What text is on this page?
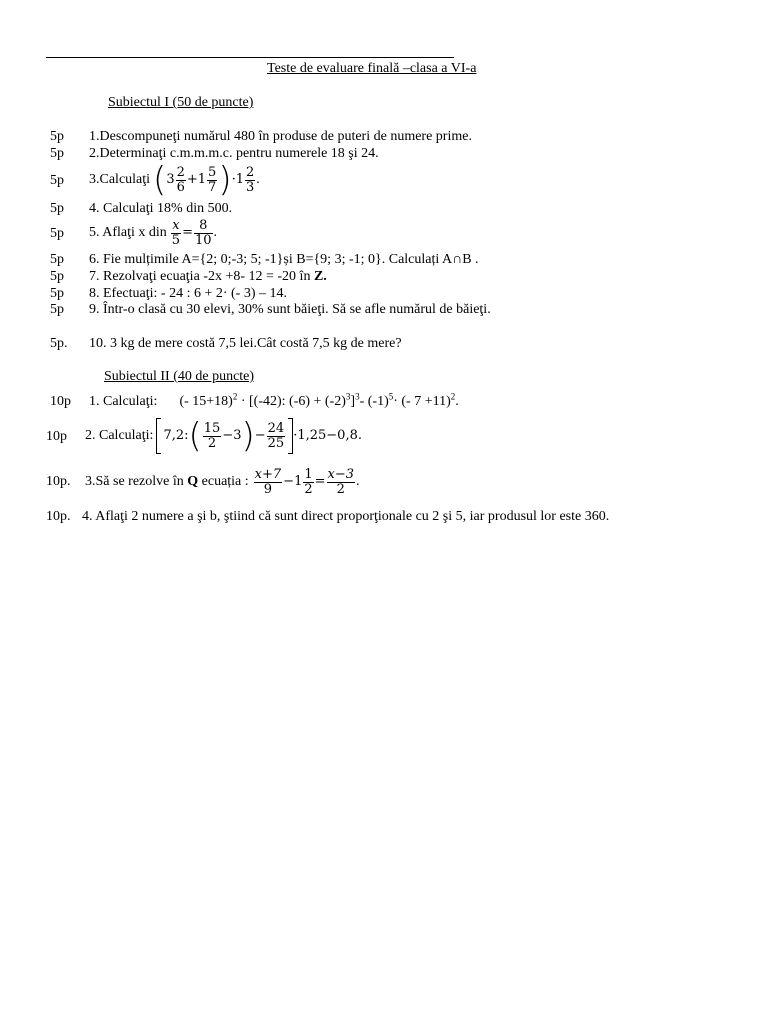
Teste de evaluare finală –clasa a VI-a
Subiectul I (50 de puncte)
5p 1.Descompuneţi numărul 480 în produse de puteri de numere prime.
5p 2.Determinaţi c.m.m.m.c. pentru numerele 18 şi 24.
5p 3.Calculaţi ( $3 \frac{2}{6} +1 \frac{5}{7}$ ) $\cdot 1 \frac{2}{3}$ .
5p 4. Calculaţi 18% din 500.
5p 5. Aflaţi x din $\frac{x}{5} = \frac{8}{10}$ .
5p 6. Fie mulțimile A={2; 0;-3; 5; -1}și B={9; 3; -1; 0}. Calculați A∩B .
5p 7. Rezolvaţi ecuaţia -2x +8- 12 = -20 în Z.
5p 8. Efectuaţi: - 24 : 6 + 2· (- 3) – 14.
5p 9. Într-o clasă cu 30 elevi, 30% sunt băieţi. Să se afle numărul de băieţi.
5p. 10. 3 kg de mere costă 7,5 lei.Cât costă 7,5 kg de mere?
Subiectul II (40 de puncte)
10p 1. Calculaţi: (- 15+18)$^2$ · [(-42): $(-6) + (-2)^3]^3-$ $(-1)^5\cdot$ (- 7 +11)$^2$.
10p 2. Calculaţi: 7,2: ( $\frac{15}{2} -3$ ) − $\frac{24}{25} \cdot 1,25-0,8$.
10p. 3.Să se rezolve în Q ecuația : $\frac{x+7}{9} -1 \frac{1}{2} = \frac{x-3}{2}$ .
10p. 4. Aflaţi 2 numere a şi b, ştiind că sunt direct proporţionale cu 2 şi 5, iar produsul lor este 360.
